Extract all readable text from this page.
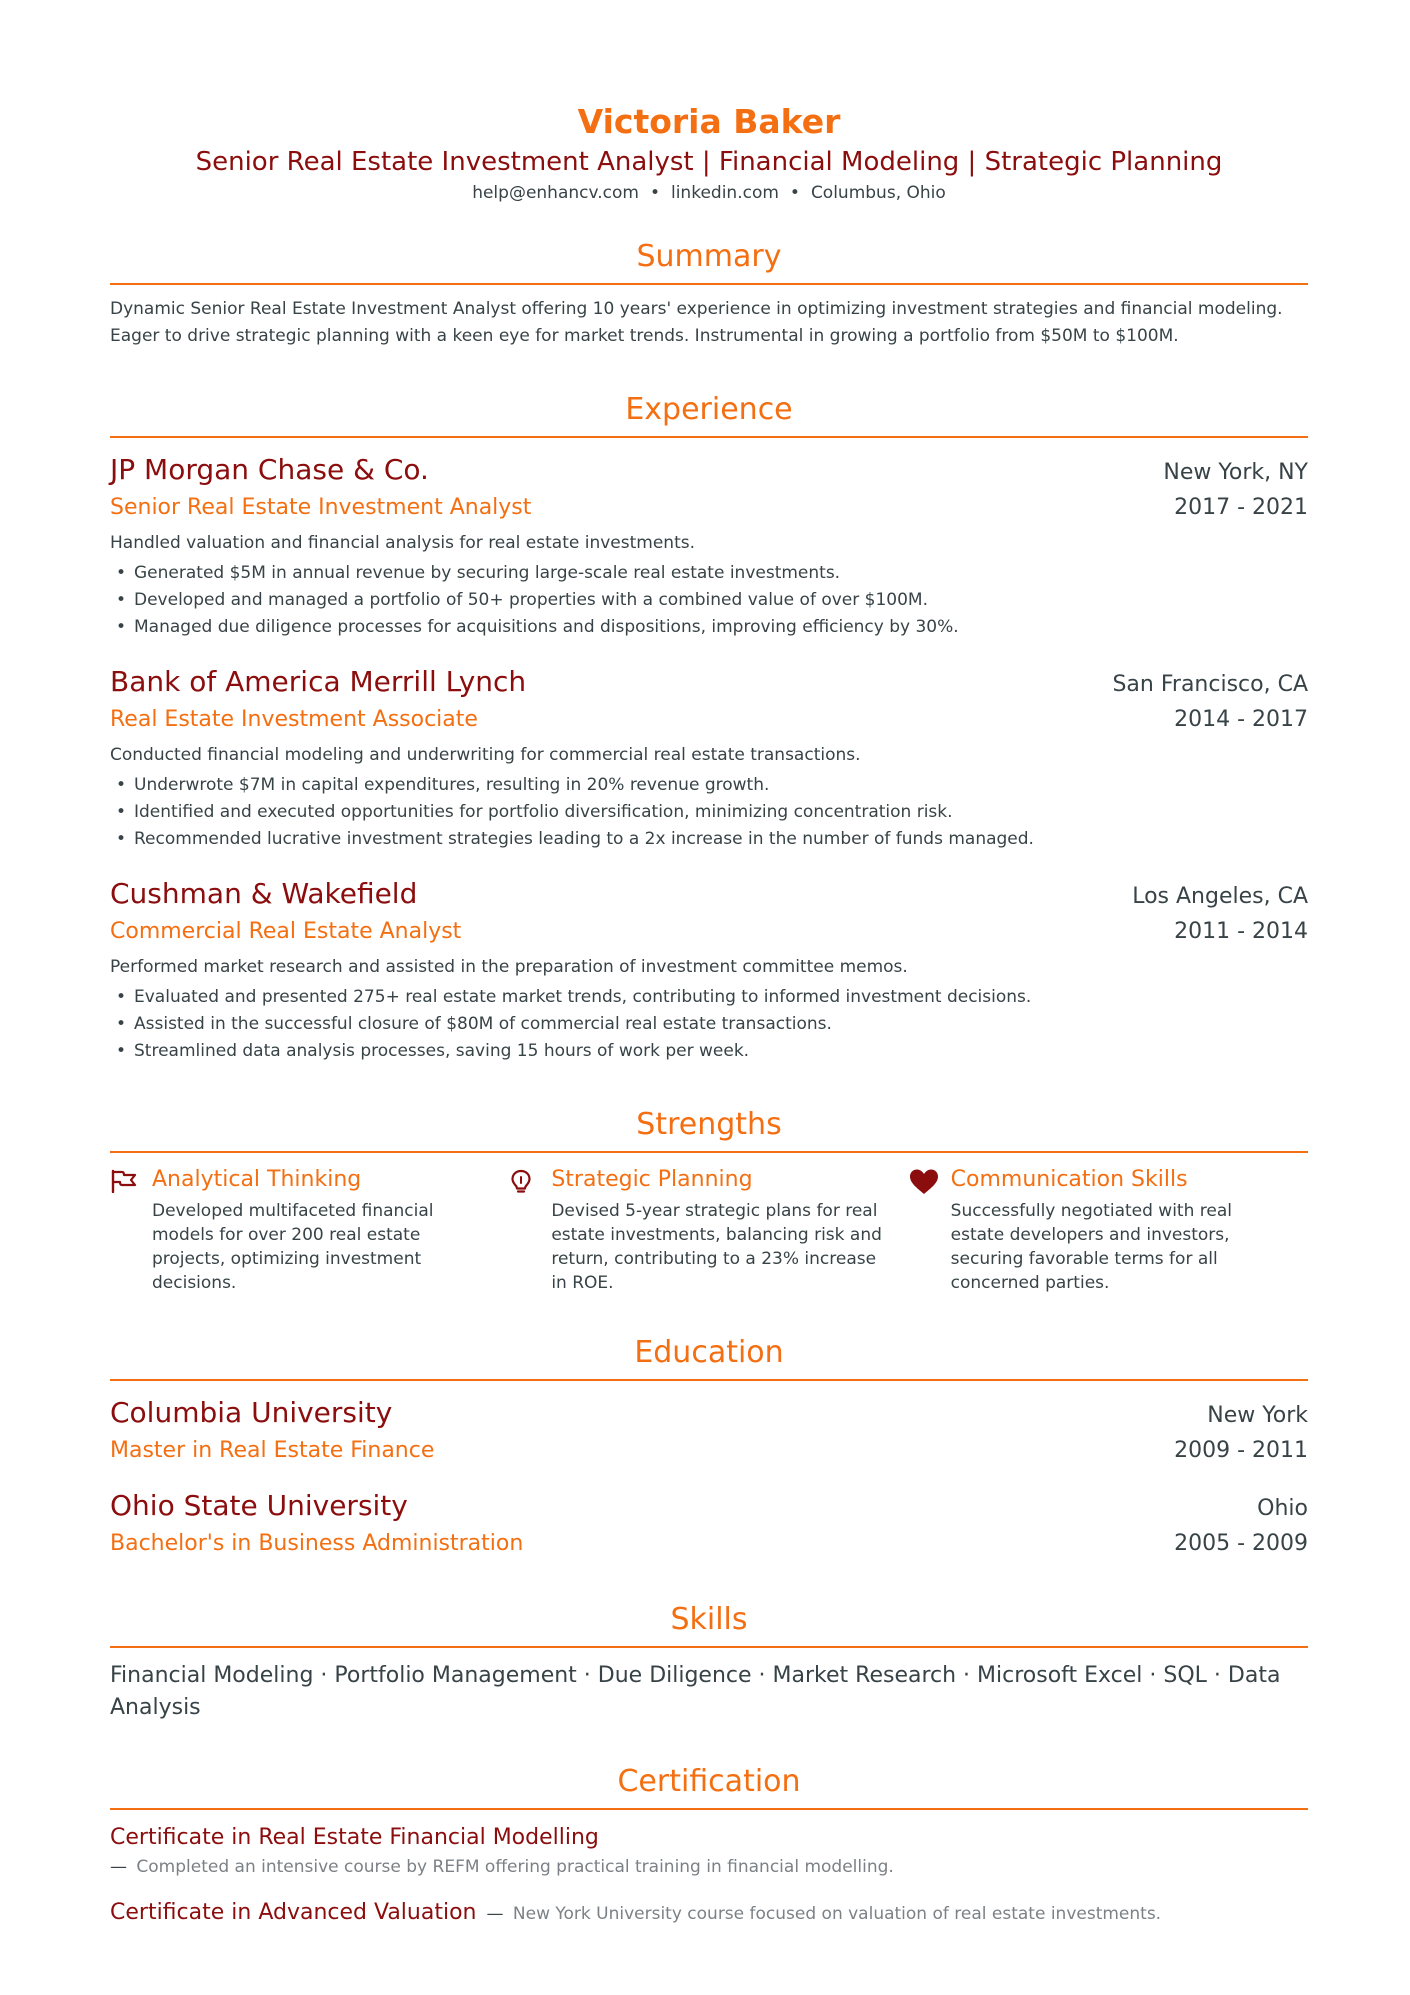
Victoria Baker
Senior Real Estate Investment Analyst | Financial Modeling | Strategic Planning
help@enhancv.com • linkedin.com • Columbus, Ohio
Summary
Dynamic Senior Real Estate Investment Analyst offering 10 years' experience in optimizing investment strategies and financial modeling. Eager to drive strategic planning with a keen eye for market trends. Instrumental in growing a portfolio from $50M to $100M.
Experience
JP Morgan Chase & Co.	New York, NY
Senior Real Estate Investment Analyst	2017 - 2021
Handled valuation and financial analysis for real estate investments.
• Generated $5M in annual revenue by securing large-scale real estate investments.
• Developed and managed a portfolio of 50+ properties with a combined value of over $100M.
• Managed due diligence processes for acquisitions and dispositions, improving efficiency by 30%.
Bank of America Merrill Lynch	San Francisco, CA
Real Estate Investment Associate	2014 - 2017
Conducted financial modeling and underwriting for commercial real estate transactions.
• Underwrote $7M in capital expenditures, resulting in 20% revenue growth.
• Identified and executed opportunities for portfolio diversification, minimizing concentration risk.
• Recommended lucrative investment strategies leading to a 2x increase in the number of funds managed.
Cushman & Wakefield	Los Angeles, CA
Commercial Real Estate Analyst	2011 - 2014
Performed market research and assisted in the preparation of investment committee memos.
• Evaluated and presented 275+ real estate market trends, contributing to informed investment decisions.
• Assisted in the successful closure of $80M of commercial real estate transactions.
• Streamlined data analysis processes, saving 15 hours of work per week.
Strengths
Analytical Thinking
Developed multifaceted financial models for over 200 real estate projects, optimizing investment decisions.
Strategic Planning
Devised 5-year strategic plans for real estate investments, balancing risk and return, contributing to a 23% increase in ROE.
Communication Skills
Successfully negotiated with real estate developers and investors, securing favorable terms for all concerned parties.
Education
Columbia University	New York
Master in Real Estate Finance	2009 - 2011
Ohio State University	Ohio
Bachelor's in Business Administration	2005 - 2009
Skills
Financial Modeling · Portfolio Management · Due Diligence · Market Research · Microsoft Excel · SQL · Data Analysis
Certification
Certificate in Real Estate Financial Modelling
— Completed an intensive course by REFM offering practical training in financial modelling.
Certificate in Advanced Valuation — New York University course focused on valuation of real estate investments.
